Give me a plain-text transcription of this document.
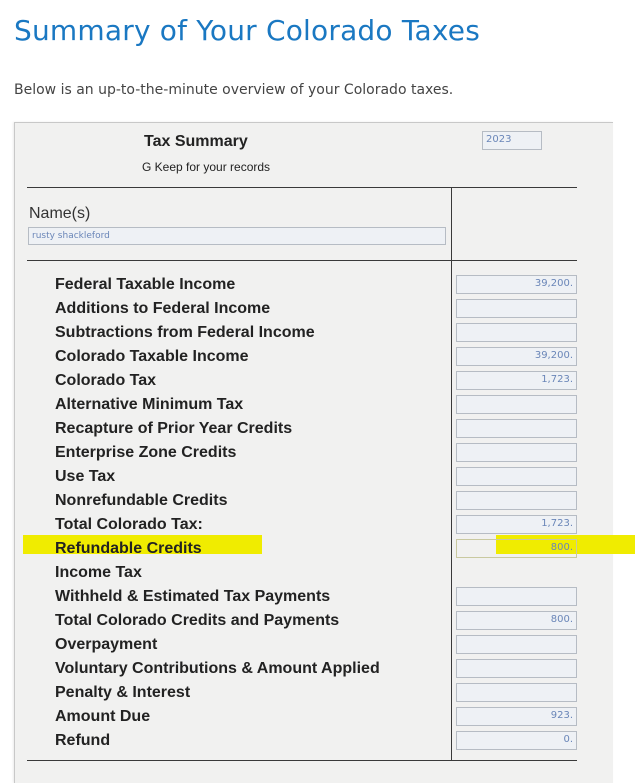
Summary of Your Colorado Taxes

Below is an up-to-the-minute overview of your Colorado taxes.

Tax Summary
G Keep for your records
2023
Name(s)
rusty shackleford
Federal Taxable Income	39,200.
Additions to Federal Income
Subtractions from Federal Income
Colorado Taxable Income	39,200.
Colorado Tax	1,723.
Alternative Minimum Tax
Recapture of Prior Year Credits
Enterprise Zone Credits
Use Tax
Nonrefundable Credits
Total Colorado Tax:	1,723.
Refundable Credits	800.
Income Tax
Withheld & Estimated Tax Payments
Total Colorado Credits and Payments	800.
Overpayment
Voluntary Contributions & Amount Applied
Penalty & Interest
Amount Due	923.
Refund	0.
